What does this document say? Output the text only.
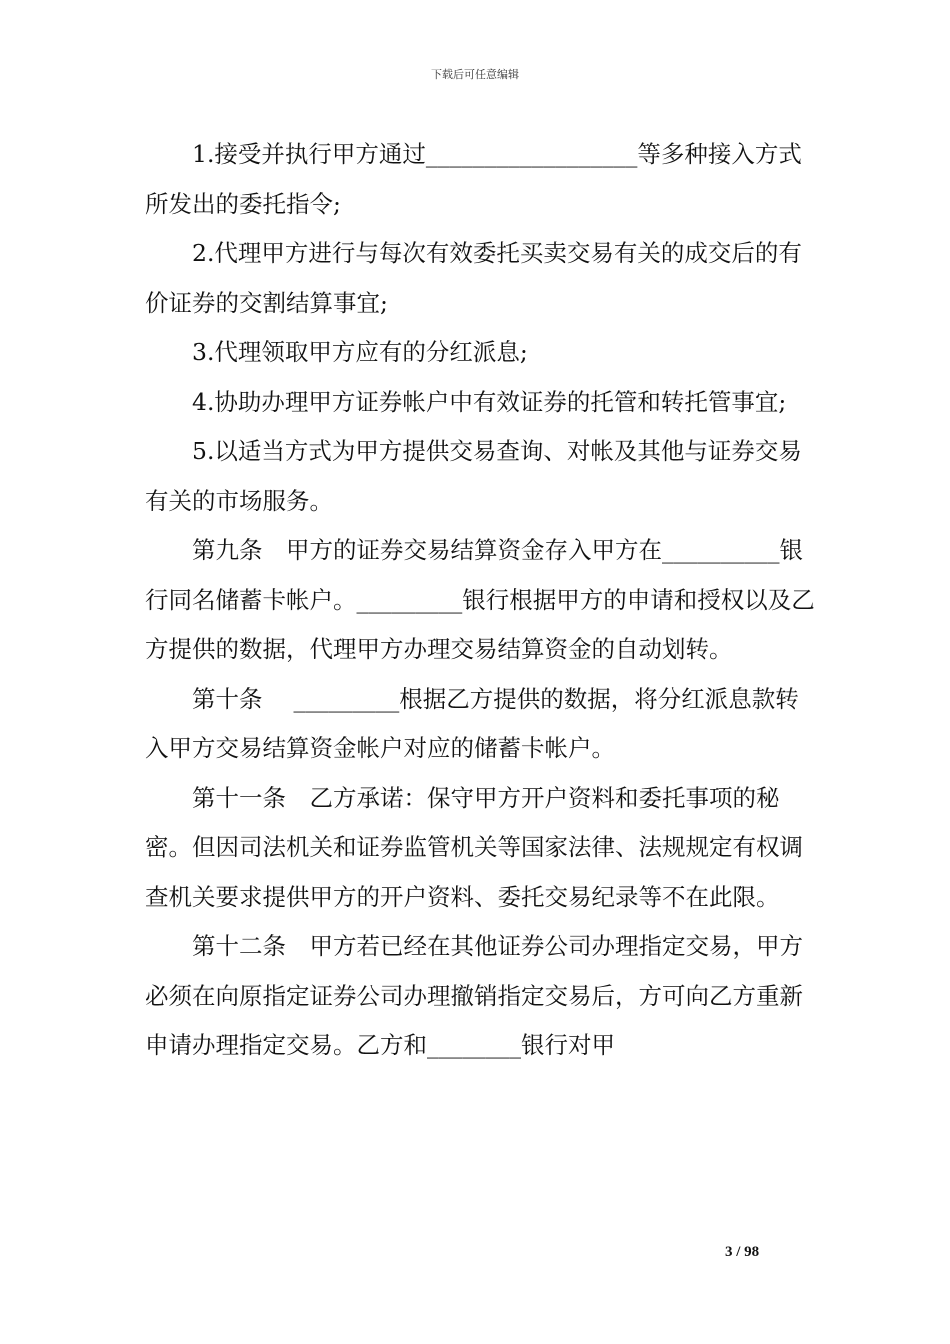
下载后可任意编辑

1.接受并执行甲方通过__________________等多种接入方式所发出的委托指令;

2.代理甲方进行与每次有效委托买卖交易有关的成交后的有价证券的交割结算事宜;

3.代理领取甲方应有的分红派息;

4.协助办理甲方证券帐户中有效证券的托管和转托管事宜;

5.以适当方式为甲方提供交易查询、对帐及其他与证券交易有关的市场服务。

第九条　甲方的证券交易结算资金存入甲方在__________银行同名储蓄卡帐户。_________银行根据甲方的申请和授权以及乙方提供的数据，代理甲方办理交易结算资金的自动划转。

第十条　 _________根据乙方提供的数据，将分红派息款转入甲方交易结算资金帐户对应的储蓄卡帐户。

第十一条　乙方承诺：保守甲方开户资料和委托事项的秘密。但因司法机关和证券监管机关等国家法律、法规规定有权调查机关要求提供甲方的开户资料、委托交易纪录等不在此限。

第十二条　甲方若已经在其他证券公司办理指定交易，甲方必须在向原指定证券公司办理撤销指定交易后，方可向乙方重新申请办理指定交易。乙方和________银行对甲

3 / 98
